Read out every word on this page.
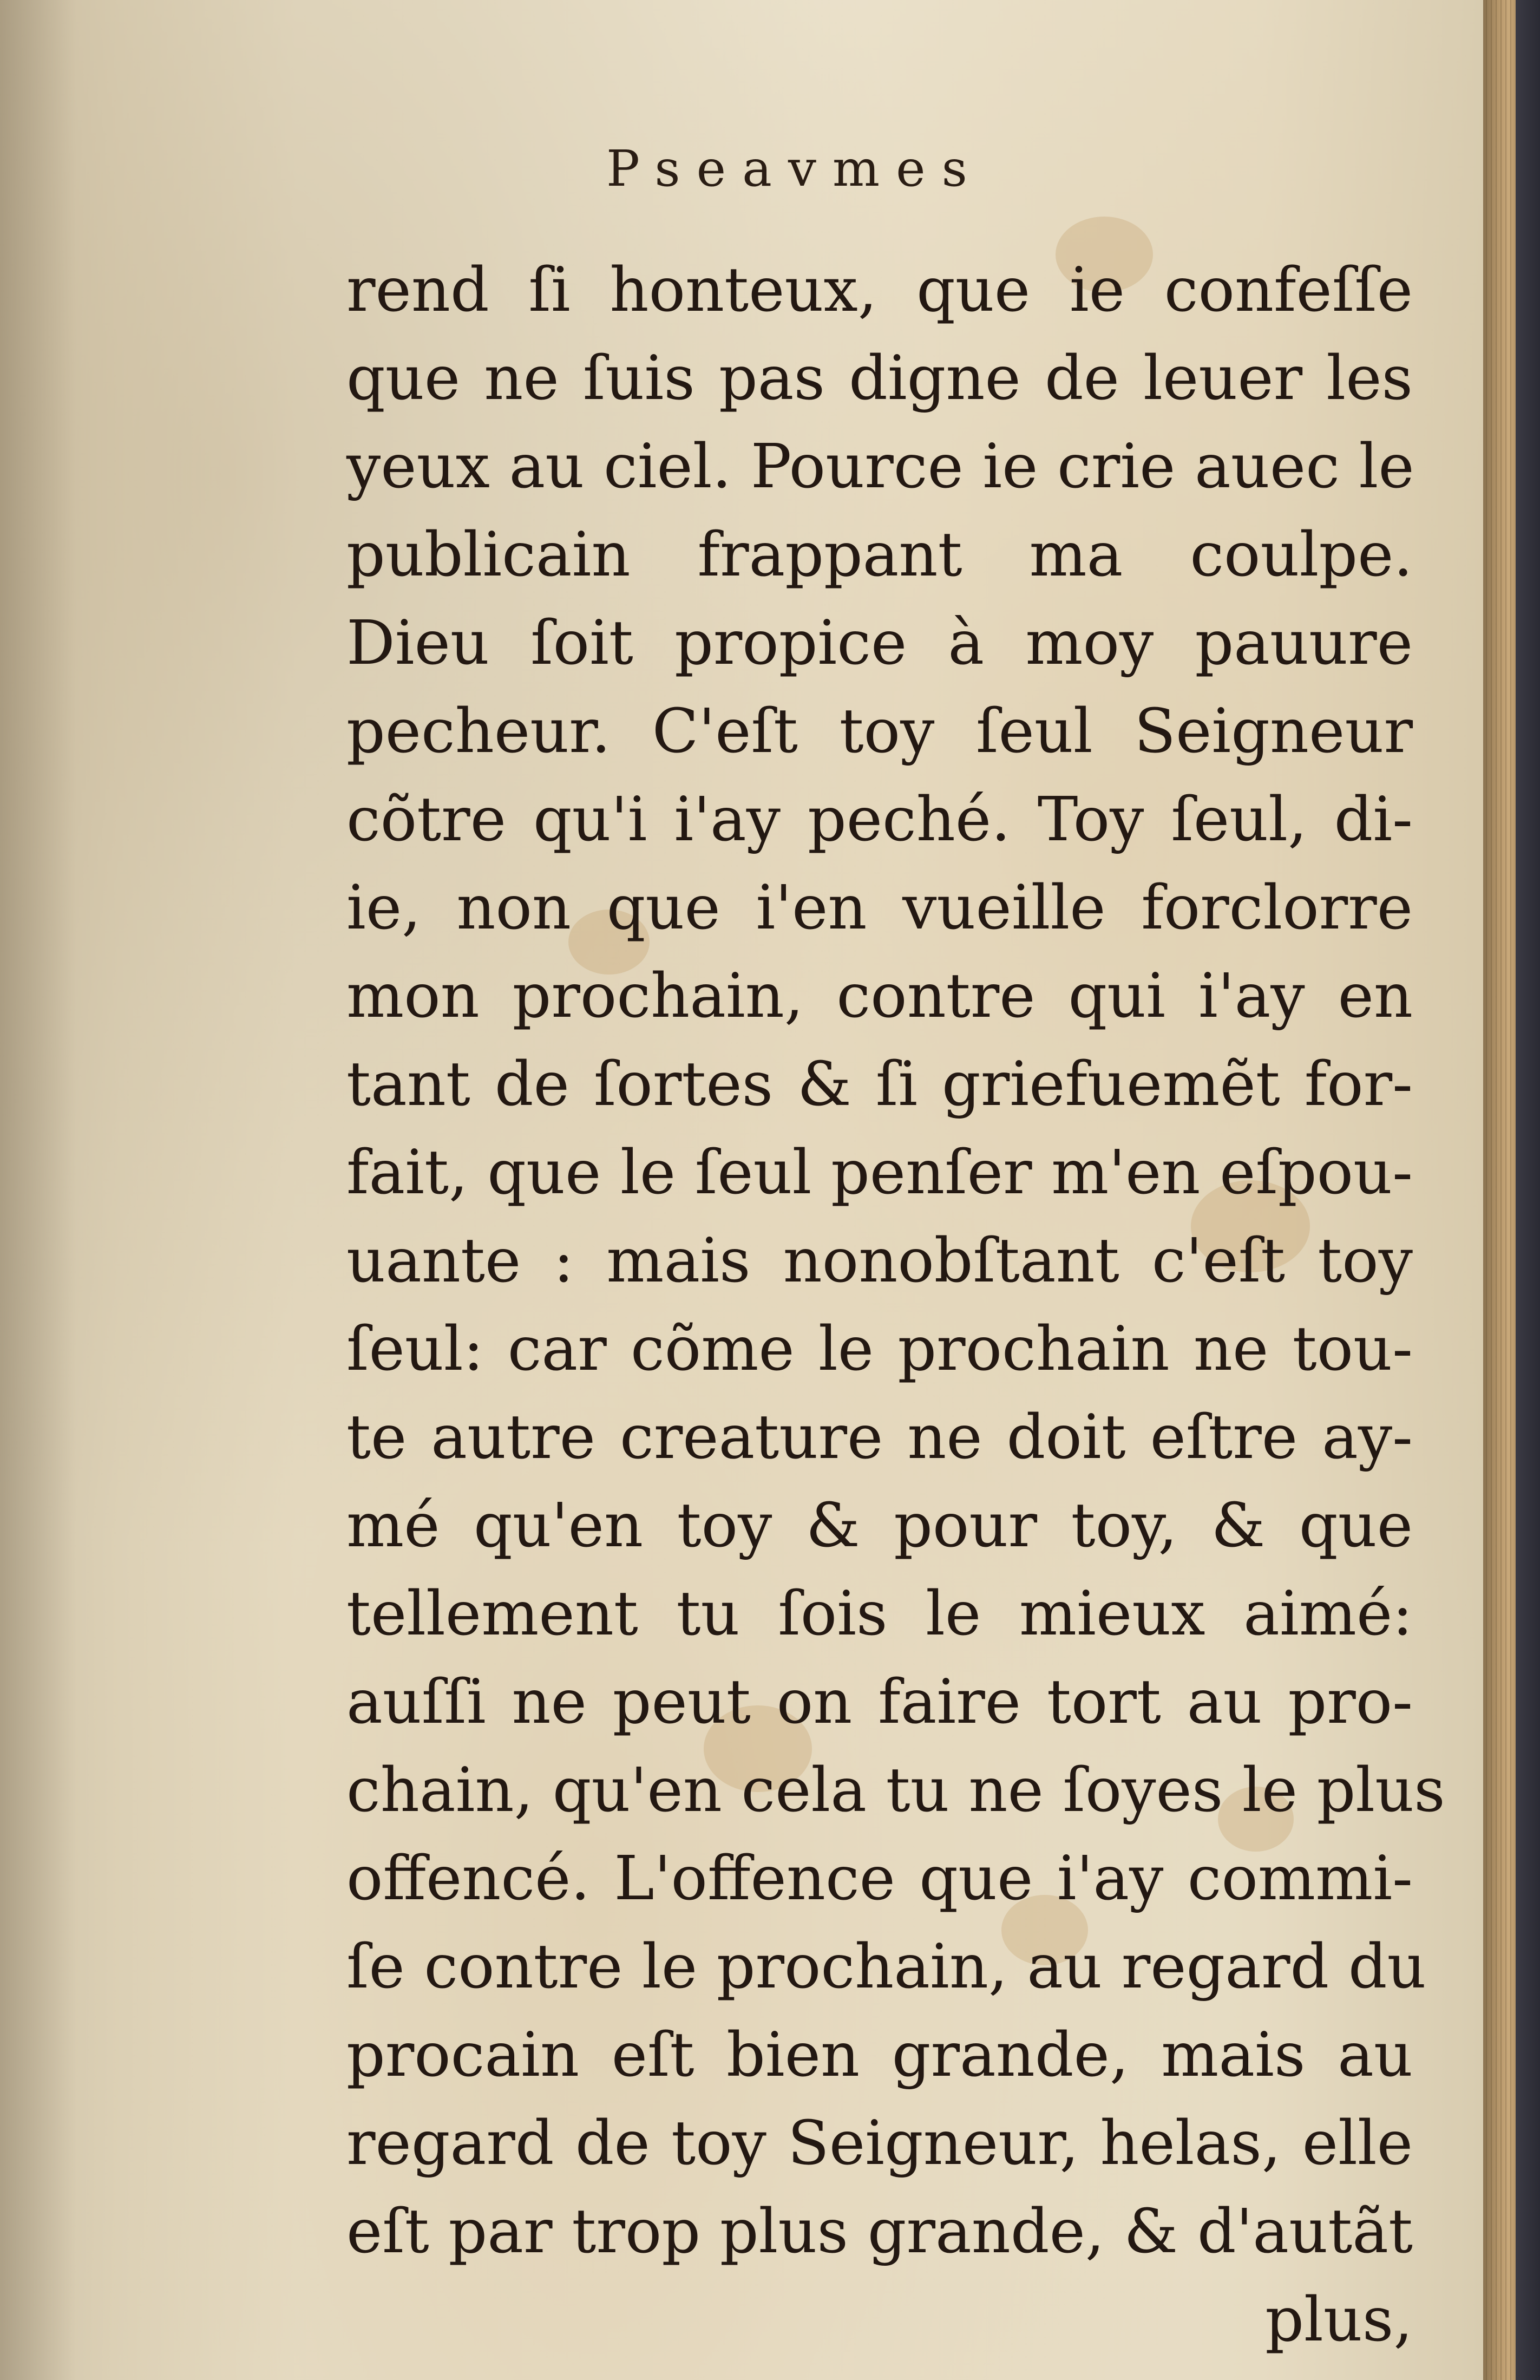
Pseavmes
rend ſi honteux, que ie confeſſe
que ne ſuis pas digne de leuer les
yeux au ciel. Pource ie crie auec le
publicain frappant ma coulpe.
Dieu ſoit propice à moy pauure
pecheur. C'eſt toy ſeul Seigneur
cõtre qu'i i'ay peché. Toy ſeul, di-
ie, non que i'en vueille forclorre
mon prochain, contre qui i'ay en
tant de ſortes & ſi griefuemẽt for-
fait, que le ſeul penſer m'en eſpou-
uante : mais nonobſtant c'eſt toy
ſeul: car cõme le prochain ne tou-
te autre creature ne doit eſtre ay-
mé qu'en toy & pour toy, & que
tellement tu ſois le mieux aimé:
auſſi ne peut on faire tort au pro-
chain, qu'en cela tu ne ſoyes le plus
offencé. L'offence que i'ay commi-
ſe contre le prochain, au regard du
procain eſt bien grande, mais au
regard de toy Seigneur, helas, elle
eſt par trop plus grande, & d'autãt
plus,
